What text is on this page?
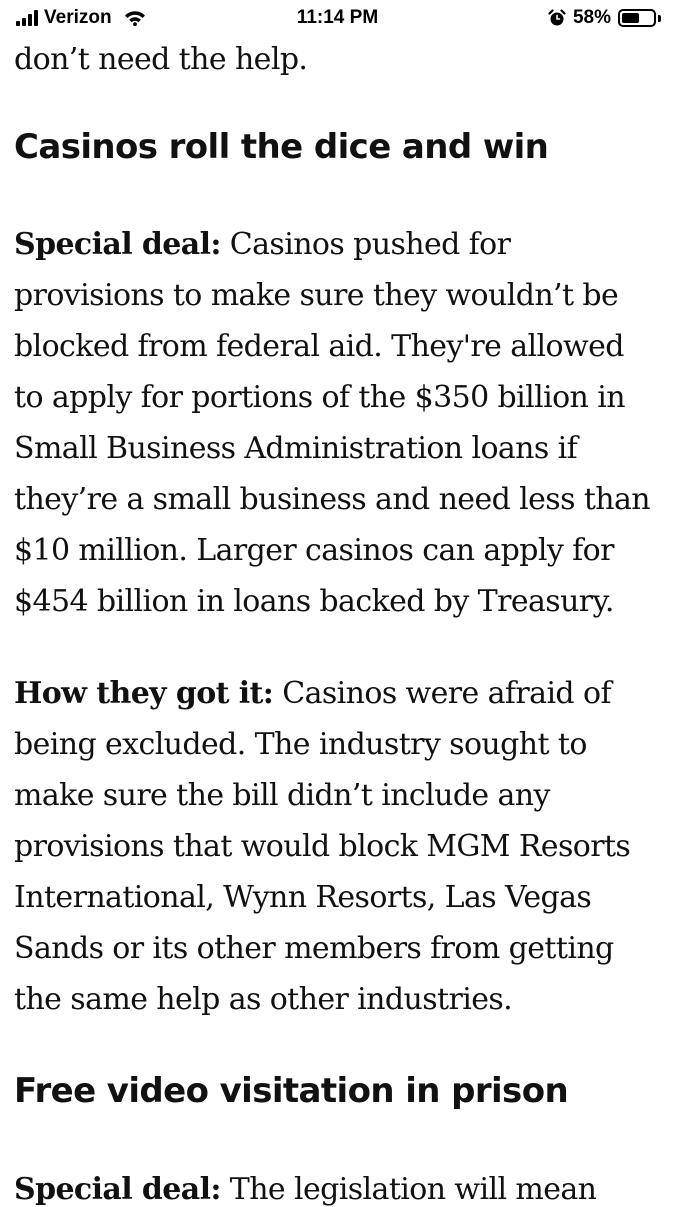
Verizon	11:14 PM	58%
don’t need the help.
Casinos roll the dice and win
Special deal: Casinos pushed for
provisions to make sure they wouldn’t be
blocked from federal aid. They're allowed
to apply for portions of the $350 billion in
Small Business Administration loans if
they’re a small business and need less than
$10 million. Larger casinos can apply for
$454 billion in loans backed by Treasury.
How they got it: Casinos were afraid of
being excluded. The industry sought to
make sure the bill didn’t include any
provisions that would block MGM Resorts
International, Wynn Resorts, Las Vegas
Sands or its other members from getting
the same help as other industries.
Free video visitation in prison
Special deal: The legislation will mean
